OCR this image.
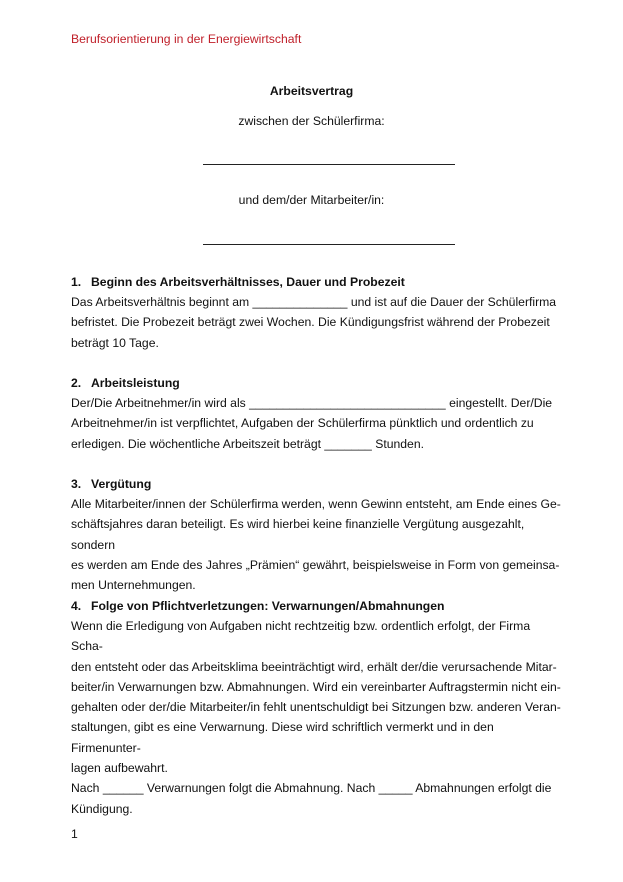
Berufsorientierung in der Energiewirtschaft
Arbeitsvertrag
zwischen der Schülerfirma:
und dem/der Mitarbeiter/in:
1. Beginn des Arbeitsverhältnisses, Dauer und Probezeit

Das Arbeitsverhältnis beginnt am ______________ und ist auf die Dauer der Schülerfirma

befristet. Die Probezeit beträgt zwei Wochen. Die Kündigungsfrist während der Probezeit

beträgt 10 Tage.

2. Arbeitsleistung

Der/Die Arbeitnehmer/in wird als _____________________________ eingestellt. Der/Die

Arbeitnehmer/in ist verpflichtet, Aufgaben der Schülerfirma pünktlich und ordentlich zu

erledigen. Die wöchentliche Arbeitszeit beträgt _______ Stunden.

3. Vergütung

Alle Mitarbeiter/innen der Schülerfirma werden, wenn Gewinn entsteht, am Ende eines Ge-

schäftsjahres daran beteiligt. Es wird hierbei keine finanzielle Vergütung ausgezahlt, sondern

es werden am Ende des Jahres „Prämien“ gewährt, beispielsweise in Form von gemeinsa-

men Unternehmungen.

4. Folge von Pflichtverletzungen: Verwarnungen/Abmahnungen

Wenn die Erledigung von Aufgaben nicht rechtzeitig bzw. ordentlich erfolgt, der Firma Scha-

den entsteht oder das Arbeitsklima beeinträchtigt wird, erhält der/die verursachende Mitar-

beiter/in Verwarnungen bzw. Abmahnungen. Wird ein vereinbarter Auftragstermin nicht ein-

gehalten oder der/die Mitarbeiter/in fehlt unentschuldigt bei Sitzungen bzw. anderen Veran-

staltungen, gibt es eine Verwarnung. Diese wird schriftlich vermerkt und in den Firmenunter-

lagen aufbewahrt.

Nach ______ Verwarnungen folgt die Abmahnung. Nach _____ Abmahnungen erfolgt die

Kündigung.

1
